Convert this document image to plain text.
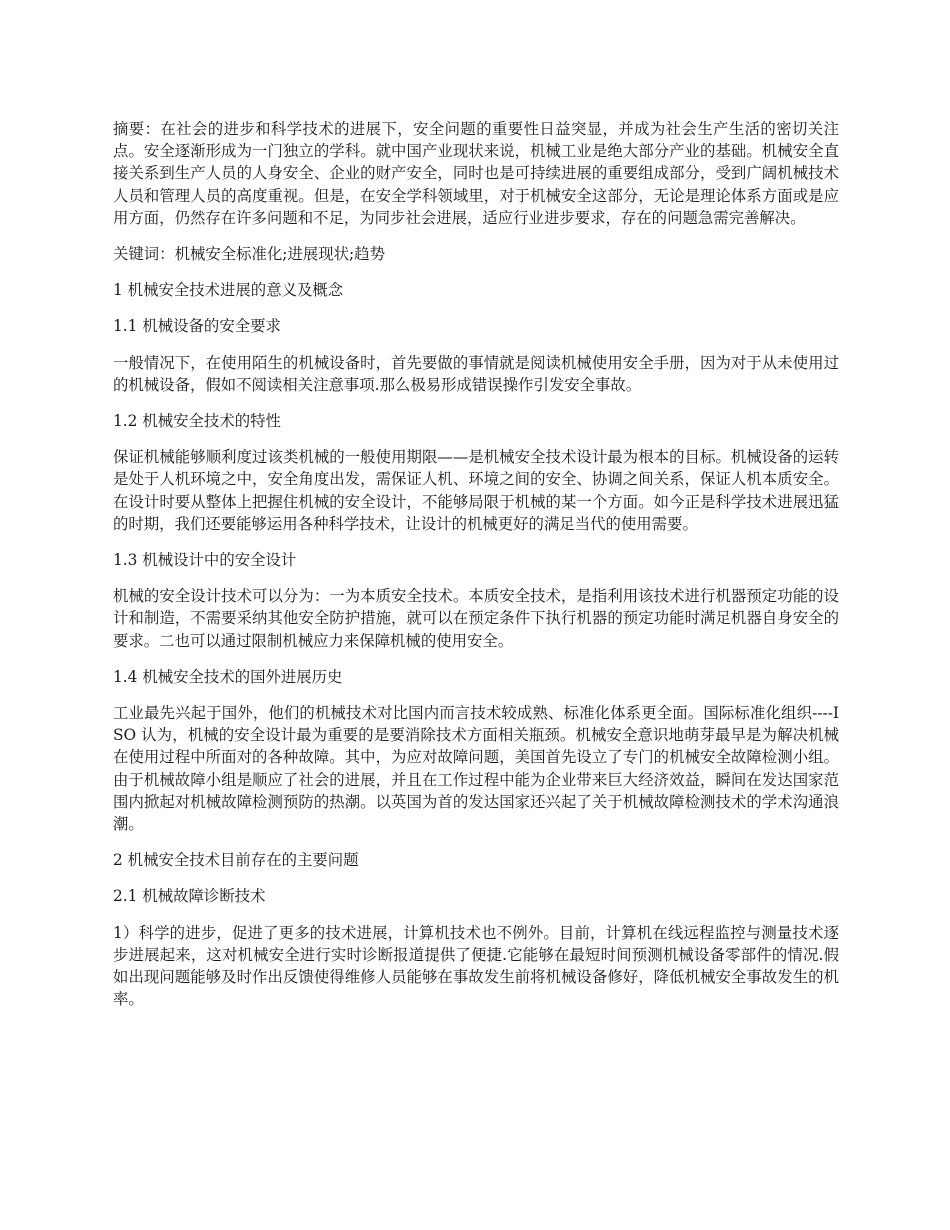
摘要：在社会的进步和科学技术的进展下，安全问题的重要性日益突显，并成为社会生产生活的密切关注点。安全逐渐形成为一门独立的学科。就中国产业现状来说，机械工业是绝大部分产业的基础。机械安全直接关系到生产人员的人身安全、企业的财产安全，同时也是可持续进展的重要组成部分，受到广阔机械技术人员和管理人员的高度重视。但是，在安全学科领域里，对于机械安全这部分，无论是理论体系方面或是应用方面，仍然存在许多问题和不足，为同步社会进展，适应行业进步要求，存在的问题急需完善解决。

关键词：机械安全标准化;进展现状;趋势

1 机械安全技术进展的意义及概念

1.1 机械设备的安全要求

一般情况下，在使用陌生的机械设备时，首先要做的事情就是阅读机械使用安全手册，因为对于从未使用过的机械设备，假如不阅读相关注意事项.那么极易形成错误操作引发安全事故。

1.2 机械安全技术的特性

保证机械能够顺利度过该类机械的一般使用期限——是机械安全技术设计最为根本的目标。机械设备的运转是处于人机环境之中，安全角度出发，需保证人机、环境之间的安全、协调之间关系，保证人机本质安全。在设计时要从整体上把握住机械的安全设计，不能够局限于机械的某一个方面。如今正是科学技术进展迅猛的时期，我们还要能够运用各种科学技术，让设计的机械更好的满足当代的使用需要。

1.3 机械设计中的安全设计

机械的安全设计技术可以分为：一为本质安全技术。本质安全技术，是指利用该技术进行机器预定功能的设计和制造，不需要采纳其他安全防护措施，就可以在预定条件下执行机器的预定功能时满足机器自身安全的要求。二也可以通过限制机械应力来保障机械的使用安全。

1.4 机械安全技术的国外进展历史

工业最先兴起于国外，他们的机械技术对比国内而言技术较成熟、标准化体系更全面。国际标准化组织----ISO 认为，机械的安全设计最为重要的是要消除技术方面相关瓶颈。机械安全意识地萌芽最早是为解决机械在使用过程中所面对的各种故障。其中，为应对故障问题，美国首先设立了专门的机械安全故障检测小组。由于机械故障小组是顺应了社会的进展，并且在工作过程中能为企业带来巨大经济效益，瞬间在发达国家范围内掀起对机械故障检测预防的热潮。以英国为首的发达国家还兴起了关于机械故障检测技术的学术沟通浪潮。

2 机械安全技术目前存在的主要问题

2.1 机械故障诊断技术

1）科学的进步，促进了更多的技术进展，计算机技术也不例外。目前，计算机在线远程监控与测量技术逐步进展起来，这对机械安全进行实时诊断报道提供了便捷.它能够在最短时间预测机械设备零部件的情况.假如出现问题能够及时作出反馈使得维修人员能够在事故发生前将机械设备修好，降低机械安全事故发生的机率。
